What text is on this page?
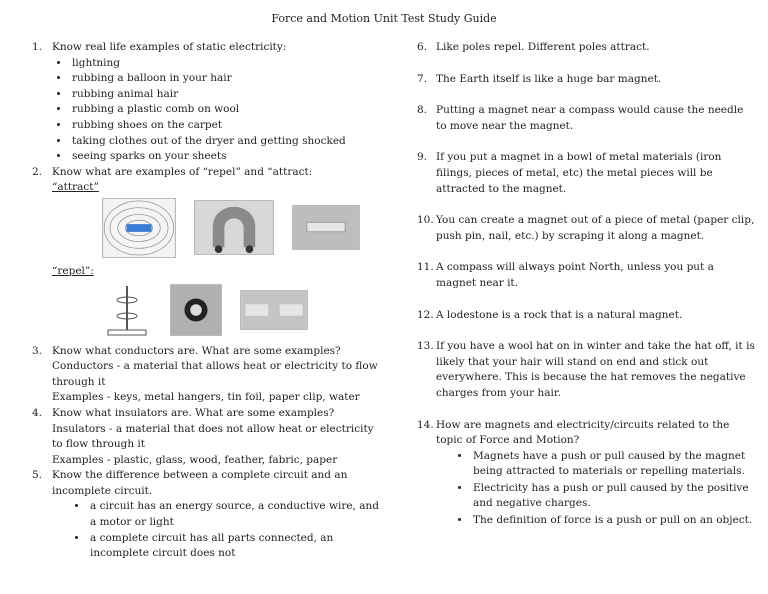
Force and Motion Unit Test Study Guide
1. Know real life examples of static electricity:
• lightning
• rubbing a balloon in your hair
• rubbing animal hair
• rubbing a plastic comb on wool
• rubbing shoes on the carpet
• taking clothes out of the dryer and getting shocked
• seeing sparks on your sheets
2. Know what are examples of “repel” and “attract:
“attract”
“repel”:
3. Know what conductors are. What are some examples?
Conductors - a material that allows heat or electricity to flow through it
Examples - keys, metal hangers, tin foil, paper clip, water
4. Know what insulators are. What are some examples?
Insulators - a material that does not allow heat or electricity to flow through it
Examples - plastic, glass, wood, feather, fabric, paper
5. Know the difference between a complete circuit and an incomplete circuit.
• a circuit has an energy source, a conductive wire, and a motor or light
• a complete circuit has all parts connected, an incomplete circuit does not
6. Like poles repel. Different poles attract.
7. The Earth itself is like a huge bar magnet.
8. Putting a magnet near a compass would cause the needle to move near the magnet.
9. If you put a magnet in a bowl of metal materials (iron filings, pieces of metal, etc) the metal pieces will be attracted to the magnet.
10. You can create a magnet out of a piece of metal (paper clip, push pin, nail, etc.) by scraping it along a magnet.
11. A compass will always point North, unless you put a magnet near it.
12. A lodestone is a rock that is a natural magnet.
13. If you have a wool hat on in winter and take the hat off, it is likely that your hair will stand on end and stick out everywhere. This is because the hat removes the negative charges from your hair.
14. How are magnets and electricity/circuits related to the topic of Force and Motion?
• Magnets have a push or pull caused by the magnet being attracted to materials or repelling materials.
• Electricity has a push or pull caused by the positive and negative charges.
• The definition of force is a push or pull on an object.
